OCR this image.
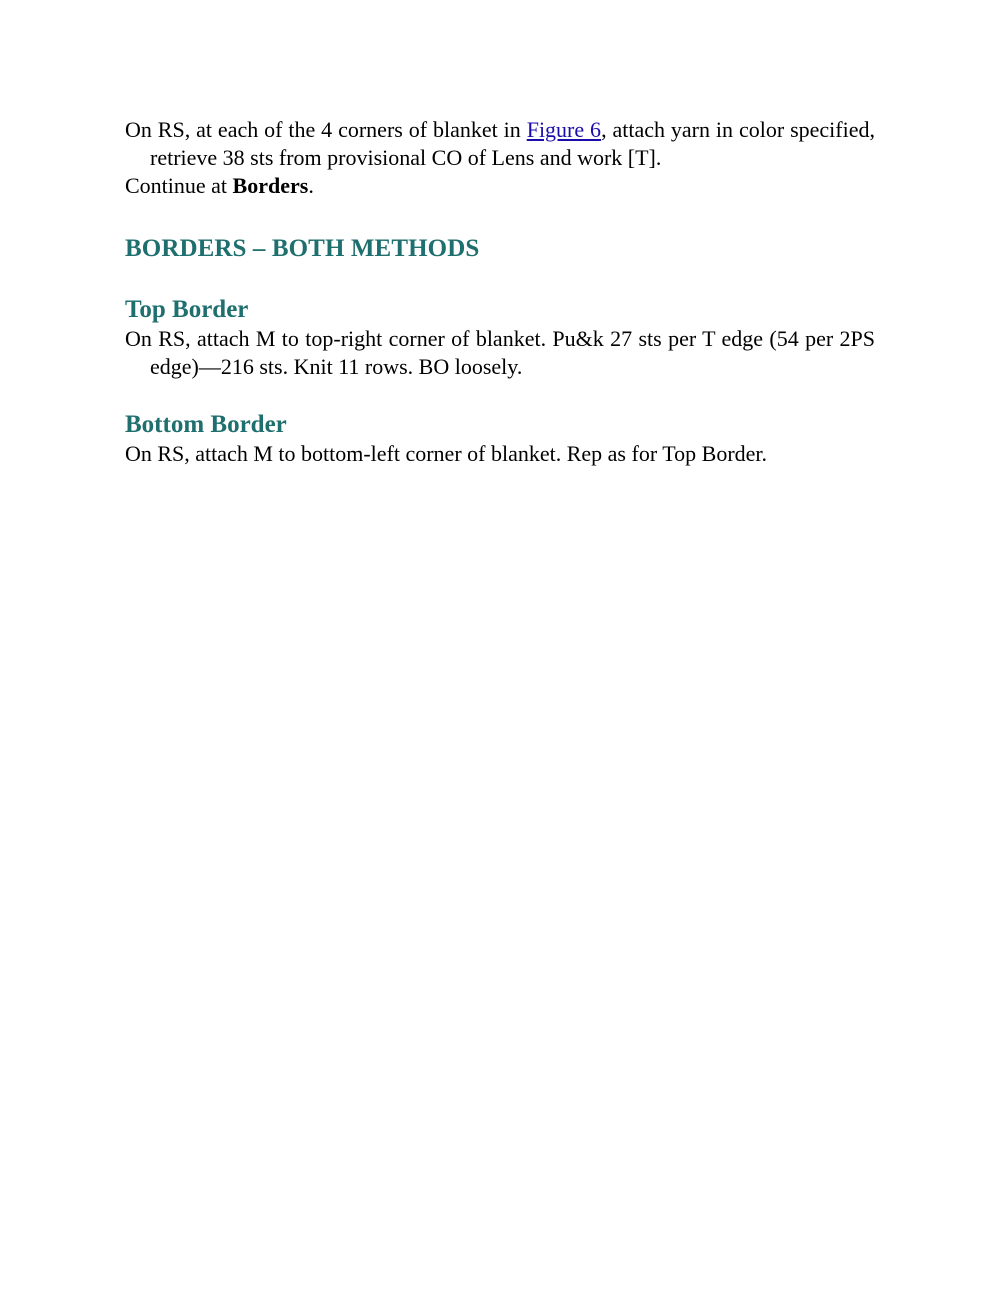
On RS, at each of the 4 corners of blanket in Figure 6, attach yarn in color specified, retrieve 38 sts from provisional CO of Lens and work [T].

Continue at Borders.

BORDERS – BOTH METHODS
Top Border

On RS, attach M to top-right corner of blanket. Pu&k 27 sts per T edge (54 per 2PS edge)—216 sts. Knit 11 rows. BO loosely.

Bottom Border

On RS, attach M to bottom-left corner of blanket. Rep as for Top Border.
